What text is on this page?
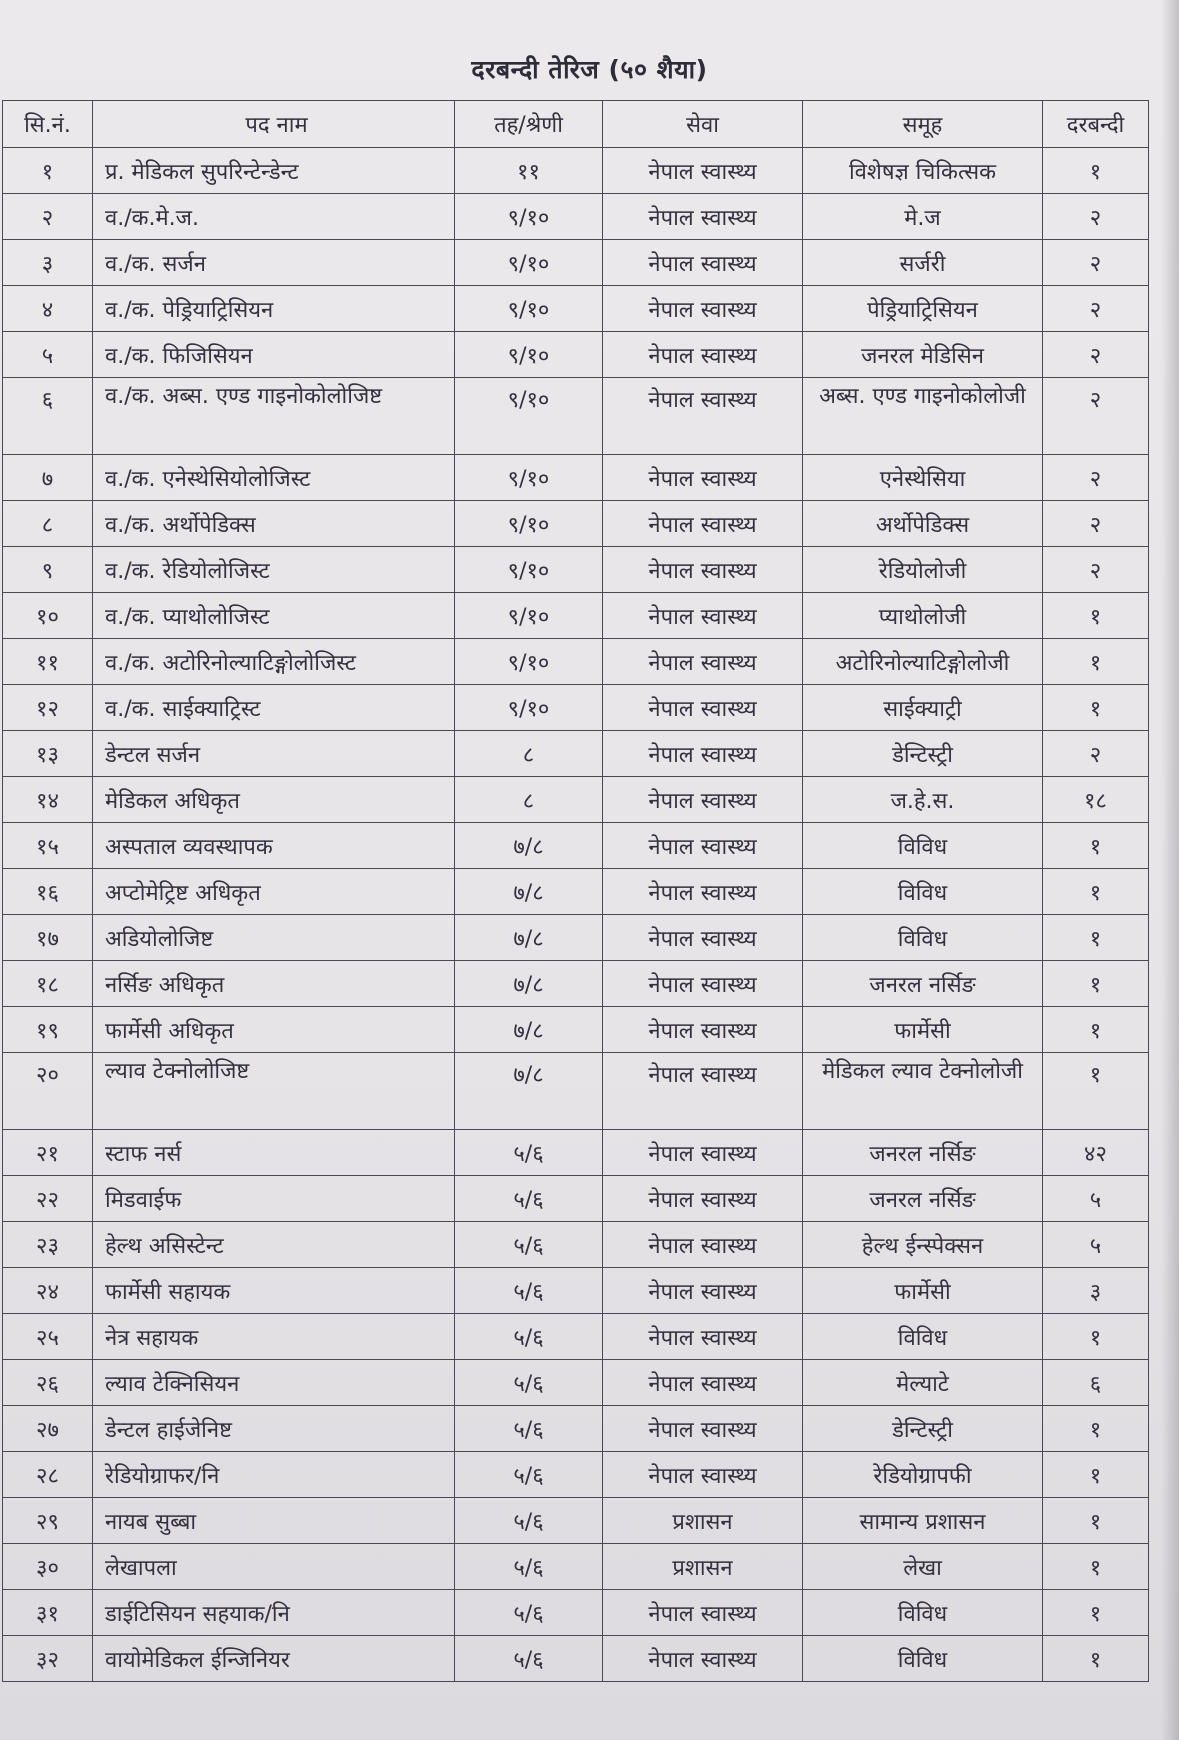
दरबन्दी तेरिज (५० शैया)
सि.नं.	पद नाम	तह/श्रेणी	सेवा	समूह	दरबन्दी
१	प्र. मेडिकल सुपरिन्टेन्डेन्ट	११	नेपाल स्वास्थ्य	विशेषज्ञ चिकित्सक	१
२	व./क.मे.ज.	९/१०	नेपाल स्वास्थ्य	मे.ज	२
३	व./क. सर्जन	९/१०	नेपाल स्वास्थ्य	सर्जरी	२
४	व./क. पेड्रियाट्रिसियन	९/१०	नेपाल स्वास्थ्य	पेड्रियाट्रिसियन	२
५	व./क. फिजिसियन	९/१०	नेपाल स्वास्थ्य	जनरल मेडिसिन	२
६	व./क. अब्स. एण्ड गाइनोकोलोजिष्ट	९/१०	नेपाल स्वास्थ्य	अब्स. एण्ड गाइनोकोलोजी	२
७	व./क. एनेस्थेसियोलोजिस्ट	९/१०	नेपाल स्वास्थ्य	एनेस्थेसिया	२
८	व./क. अर्थोपेडिक्स	९/१०	नेपाल स्वास्थ्य	अर्थोपेडिक्स	२
९	व./क. रेडियोलोजिस्ट	९/१०	नेपाल स्वास्थ्य	रेडियोलोजी	२
१०	व./क. प्याथोलोजिस्ट	९/१०	नेपाल स्वास्थ्य	प्याथोलोजी	१
११	व./क. अटोरिनोल्याटिङ्गोलोजिस्ट	९/१०	नेपाल स्वास्थ्य	अटोरिनोल्याटिङ्गोलोजी	१
१२	व./क. साईक्याट्रिस्ट	९/१०	नेपाल स्वास्थ्य	साईक्याट्री	१
१३	डेन्टल सर्जन	८	नेपाल स्वास्थ्य	डेन्टिस्ट्री	२
१४	मेडिकल अधिकृत	८	नेपाल स्वास्थ्य	ज.हे.स.	१८
१५	अस्पताल व्यवस्थापक	७/८	नेपाल स्वास्थ्य	विविध	१
१६	अप्टोमेट्रिष्ट अधिकृत	७/८	नेपाल स्वास्थ्य	विविध	१
१७	अडियोलोजिष्ट	७/८	नेपाल स्वास्थ्य	विविध	१
१८	नर्सिङ अधिकृत	७/८	नेपाल स्वास्थ्य	जनरल नर्सिङ	१
१९	फार्मेसी अधिकृत	७/८	नेपाल स्वास्थ्य	फार्मेसी	१
२०	ल्याव टेक्नोलोजिष्ट	७/८	नेपाल स्वास्थ्य	मेडिकल ल्याव टेक्नोलोजी	१
२१	स्टाफ नर्स	५/६	नेपाल स्वास्थ्य	जनरल नर्सिङ	४२
२२	मिडवाईफ	५/६	नेपाल स्वास्थ्य	जनरल नर्सिङ	५
२३	हेल्थ असिस्टेन्ट	५/६	नेपाल स्वास्थ्य	हेल्थ ईन्स्पेक्सन	५
२४	फार्मेसी सहायक	५/६	नेपाल स्वास्थ्य	फार्मेसी	३
२५	नेत्र सहायक	५/६	नेपाल स्वास्थ्य	विविध	१
२६	ल्याव टेक्निसियन	५/६	नेपाल स्वास्थ्य	मेल्याटे	६
२७	डेन्टल हाईजेनिष्ट	५/६	नेपाल स्वास्थ्य	डेन्टिस्ट्री	१
२८	रेडियोग्राफर/नि	५/६	नेपाल स्वास्थ्य	रेडियोग्रापफी	१
२९	नायब सुब्बा	५/६	प्रशासन	सामान्य प्रशासन	१
३०	लेखापला	५/६	प्रशासन	लेखा	१
३१	डाईटिसियन सहयाक/नि	५/६	नेपाल स्वास्थ्य	विविध	१
३२	वायोमेडिकल ईन्जिनियर	५/६	नेपाल स्वास्थ्य	विविध	१
